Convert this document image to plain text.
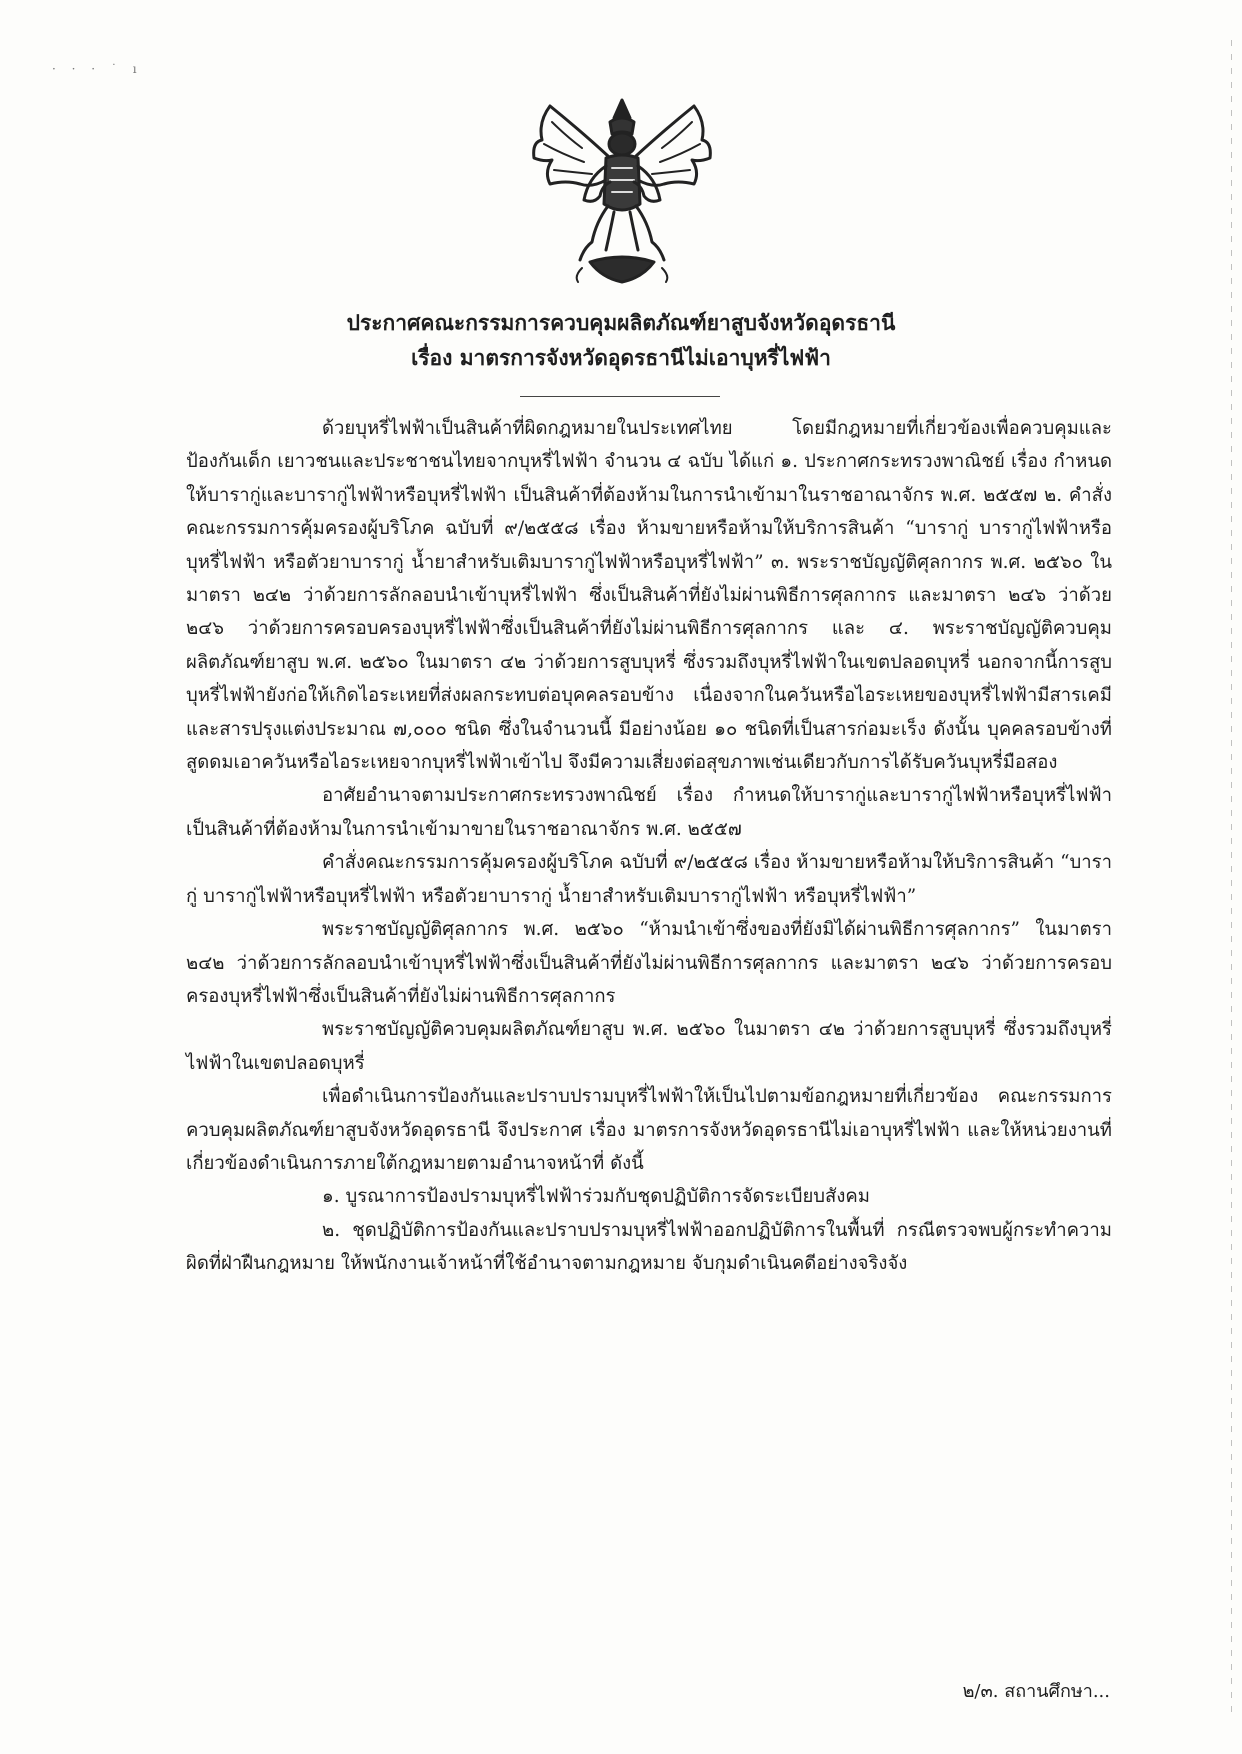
· · · ˙ ı
ประกาศคณะกรรมการควบคุมผลิตภัณฑ์ยาสูบจังหวัดอุดรธานี
เรื่อง มาตรการจังหวัดอุดรธานีไม่เอาบุหรี่ไฟฟ้า

ด้วยบุหรี่ไฟฟ้าเป็นสินค้าที่ผิดกฎหมายในประเทศไทย โดยมีกฎหมายที่เกี่ยวข้องเพื่อควบคุมและป้องกันเด็ก เยาวชนและประชาชนไทยจากบุหรี่ไฟฟ้า จำนวน ๔ ฉบับ ได้แก่ ๑. ประกาศกระทรวงพาณิชย์ เรื่อง กำหนดให้บารากู่และบารากู่ไฟฟ้าหรือบุหรี่ไฟฟ้า เป็นสินค้าที่ต้องห้ามในการนำเข้ามาในราชอาณาจักร พ.ศ. ๒๕๕๗ ๒. คำสั่งคณะกรรมการคุ้มครองผู้บริโภค ฉบับที่ ๙/๒๕๕๘ เรื่อง ห้ามขายหรือห้ามให้บริการสินค้า “บารากู่ บารากู่ไฟฟ้าหรือบุหรี่ไฟฟ้า หรือตัวยาบารากู่ น้ำยาสำหรับเติมบารากู่ไฟฟ้าหรือบุหรี่ไฟฟ้า” ๓. พระราชบัญญัติศุลกากร พ.ศ. ๒๕๖๐ ในมาตรา ๒๔๒ ว่าด้วยการลักลอบนำเข้าบุหรี่ไฟฟ้า ซึ่งเป็นสินค้าที่ยังไม่ผ่านพิธีการศุลกากร และมาตรา ๒๔๖ ว่าด้วย ๒๔๖ ว่าด้วยการครอบครองบุหรี่ไฟฟ้าซึ่งเป็นสินค้าที่ยังไม่ผ่านพิธีการศุลกากร และ ๔. พระราชบัญญัติควบคุมผลิตภัณฑ์ยาสูบ พ.ศ. ๒๕๖๐ ในมาตรา ๔๒ ว่าด้วยการสูบบุหรี่ ซึ่งรวมถึงบุหรี่ไฟฟ้าในเขตปลอดบุหรี่ นอกจากนี้การสูบบุหรี่ไฟฟ้ายังก่อให้เกิดไอระเหยที่ส่งผลกระทบต่อบุคคลรอบข้าง เนื่องจากในควันหรือไอระเหยของบุหรี่ไฟฟ้ามีสารเคมีและสารปรุงแต่งประมาณ ๗,๐๐๐ ชนิด ซึ่งในจำนวนนี้ มีอย่างน้อย ๑๐ ชนิดที่เป็นสารก่อมะเร็ง ดังนั้น บุคคลรอบข้างที่สูดดมเอาควันหรือไอระเหยจากบุหรี่ไฟฟ้าเข้าไป จึงมีความเสี่ยงต่อสุขภาพเช่นเดียวกับการได้รับควันบุหรี่มือสอง

อาศัยอำนาจตามประกาศกระทรวงพาณิชย์ เรื่อง กำหนดให้บารากู่และบารากู่ไฟฟ้าหรือบุหรี่ไฟฟ้า เป็นสินค้าที่ต้องห้ามในการนำเข้ามาขายในราชอาณาจักร พ.ศ. ๒๕๕๗

คำสั่งคณะกรรมการคุ้มครองผู้บริโภค ฉบับที่ ๙/๒๕๕๘ เรื่อง ห้ามขายหรือห้ามให้บริการสินค้า “บารากู่ บารากู่ไฟฟ้าหรือบุหรี่ไฟฟ้า หรือตัวยาบารากู่ น้ำยาสำหรับเติมบารากู่ไฟฟ้า หรือบุหรี่ไฟฟ้า”

พระราชบัญญัติศุลกากร พ.ศ. ๒๕๖๐ “ห้ามนำเข้าซึ่งของที่ยังมิได้ผ่านพิธีการศุลกากร” ในมาตรา ๒๔๒ ว่าด้วยการลักลอบนำเข้าบุหรี่ไฟฟ้าซึ่งเป็นสินค้าที่ยังไม่ผ่านพิธีการศุลกากร และมาตรา ๒๔๖ ว่าด้วยการครอบครองบุหรี่ไฟฟ้าซึ่งเป็นสินค้าที่ยังไม่ผ่านพิธีการศุลกากร

พระราชบัญญัติควบคุมผลิตภัณฑ์ยาสูบ พ.ศ. ๒๕๖๐ ในมาตรา ๔๒ ว่าด้วยการสูบบุหรี่ ซึ่งรวมถึงบุหรี่ไฟฟ้าในเขตปลอดบุหรี่

เพื่อดำเนินการป้องกันและปราบปรามบุหรี่ไฟฟ้าให้เป็นไปตามข้อกฎหมายที่เกี่ยวข้อง คณะกรรมการควบคุมผลิตภัณฑ์ยาสูบจังหวัดอุดรธานี จึงประกาศ เรื่อง มาตรการจังหวัดอุดรธานีไม่เอาบุหรี่ไฟฟ้า และให้หน่วยงานที่เกี่ยวข้องดำเนินการภายใต้กฎหมายตามอำนาจหน้าที่ ดังนี้

๑. บูรณาการป้องปรามบุหรี่ไฟฟ้าร่วมกับชุดปฏิบัติการจัดระเบียบสังคม

๒. ชุดปฏิบัติการป้องกันและปราบปรามบุหรี่ไฟฟ้าออกปฏิบัติการในพื้นที่ กรณีตรวจพบผู้กระทำความผิดที่ฝ่าฝืนกฎหมาย ให้พนักงานเจ้าหน้าที่ใช้อำนาจตามกฎหมาย จับกุมดำเนินคดีอย่างจริงจัง

๒/๓. สถานศึกษา...
